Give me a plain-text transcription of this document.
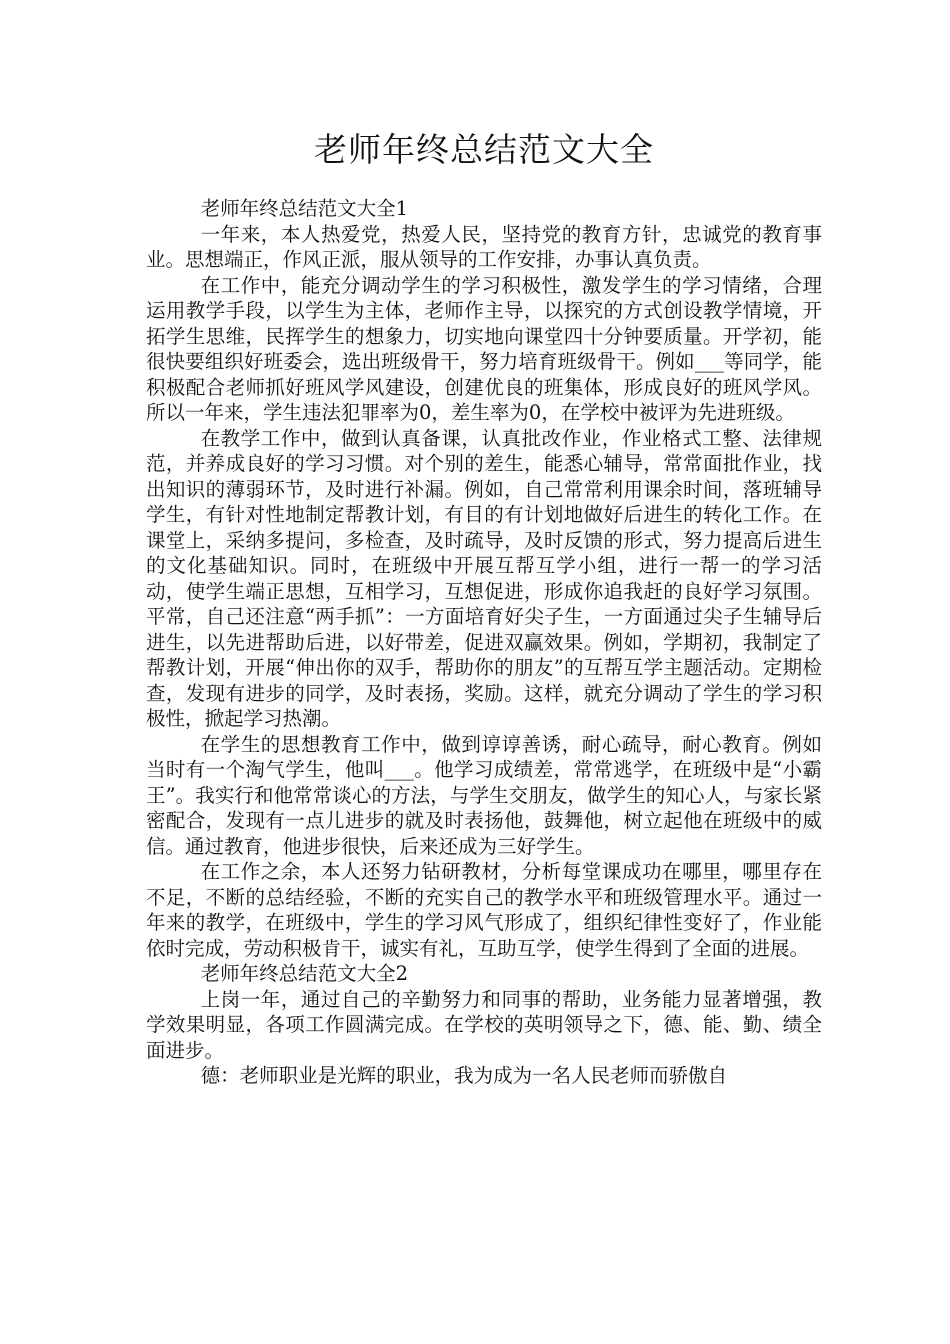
老师年终总结范文大全

老师年终总结范文大全1

一年来，本人热爱党，热爱人民，坚持党的教育方针，忠诚党的教育事业。思想端正，作风正派，服从领导的工作安排，办事认真负责。

在工作中，能充分调动学生的学习积极性，激发学生的学习情绪，合理运用教学手段，以学生为主体，老师作主导，以探究的方式创设教学情境，开拓学生思维，民挥学生的想象力，切实地向课堂四十分钟要质量。开学初，能很快要组织好班委会，选出班级骨干，努力培育班级骨干。例如___等同学，能积极配合老师抓好班风学风建设，创建优良的班集体，形成良好的班风学风。所以一年来，学生违法犯罪率为0，差生率为0，在学校中被评为先进班级。

在教学工作中，做到认真备课，认真批改作业，作业格式工整、法律规范，并养成良好的学习习惯。对个别的差生，能悉心辅导，常常面批作业，找出知识的薄弱环节，及时进行补漏。例如，自己常常利用课余时间，落班辅导学生，有针对性地制定帮教计划，有目的有计划地做好后进生的转化工作。在课堂上，采纳多提问，多检查，及时疏导，及时反馈的形式，努力提高后进生的文化基础知识。同时，在班级中开展互帮互学小组，进行一帮一的学习活动，使学生端正思想，互相学习，互想促进，形成你追我赶的良好学习氛围。平常，自己还注意“两手抓”：一方面培育好尖子生，一方面通过尖子生辅导后进生，以先进帮助后进，以好带差，促进双赢效果。例如，学期初，我制定了帮教计划，开展“伸出你的双手，帮助你的朋友”的互帮互学主题活动。定期检查，发现有进步的同学，及时表扬，奖励。这样，就充分调动了学生的学习积极性，掀起学习热潮。

在学生的思想教育工作中，做到谆谆善诱，耐心疏导，耐心教育。例如当时有一个淘气学生，他叫___。他学习成绩差，常常逃学，在班级中是“小霸王”。我实行和他常常谈心的方法，与学生交朋友，做学生的知心人，与家长紧密配合，发现有一点儿进步的就及时表扬他，鼓舞他，树立起他在班级中的威信。通过教育，他进步很快，后来还成为三好学生。

在工作之余，本人还努力钻研教材，分析每堂课成功在哪里，哪里存在不足，不断的总结经验，不断的充实自己的教学水平和班级管理水平。通过一年来的教学，在班级中，学生的学习风气形成了，组织纪律性变好了，作业能依时完成，劳动积极肯干，诚实有礼，互助互学，使学生得到了全面的进展。

老师年终总结范文大全2

上岗一年，通过自己的辛勤努力和同事的帮助，业务能力显著增强，教学效果明显，各项工作圆满完成。在学校的英明领导之下，德、能、勤、绩全面进步。

德：老师职业是光辉的职业，我为成为一名人民老师而骄傲自
